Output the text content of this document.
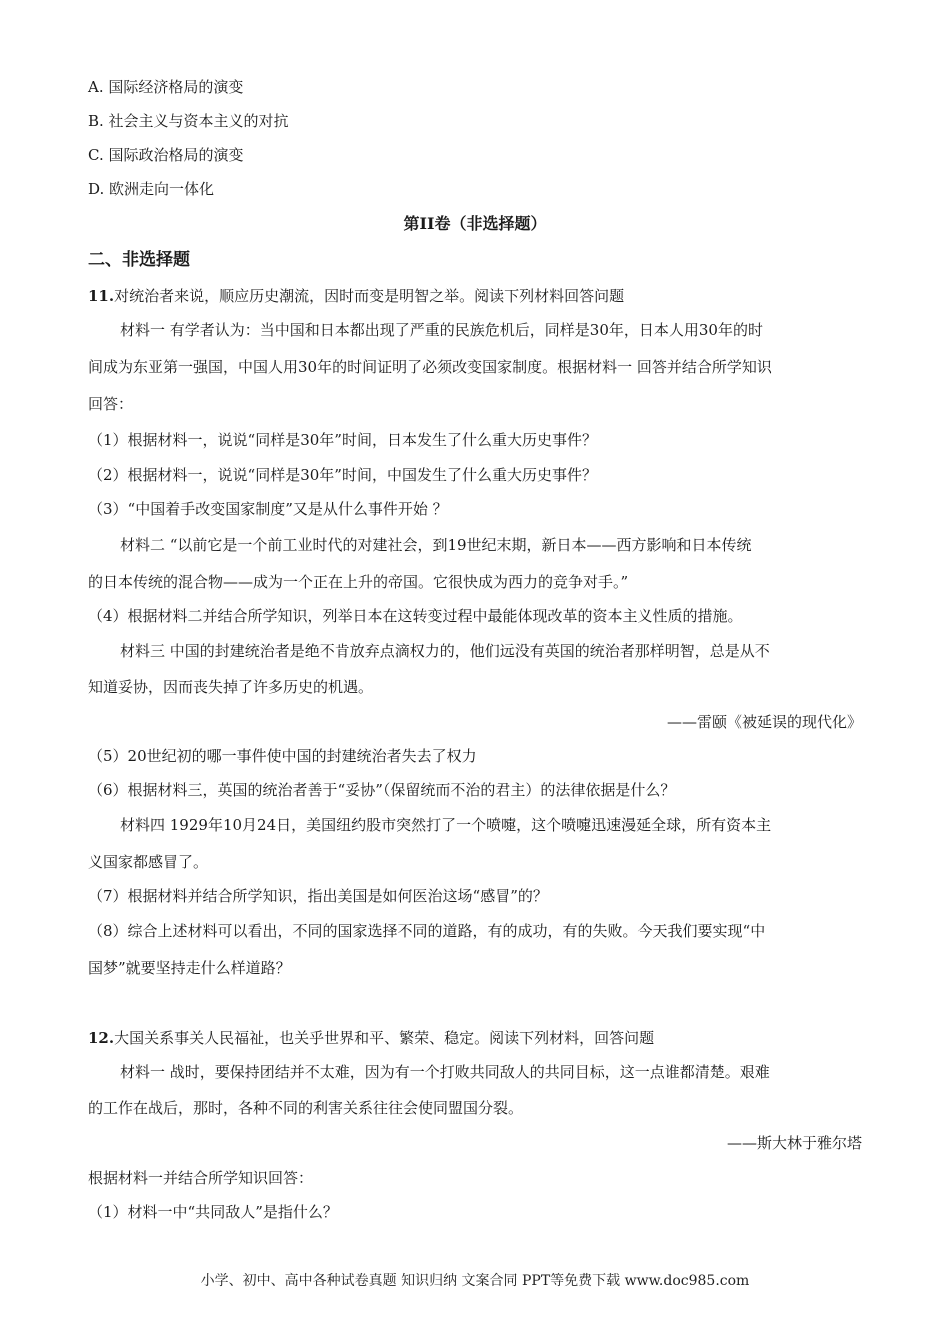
A. 国际经济格局的演变
B. 社会主义与资本主义的对抗
C. 国际政治格局的演变
D. 欧洲走向一体化
第II卷（非选择题）
二、非选择题
11.对统治者来说，顺应历史潮流，因时而变是明智之举。阅读下列材料回答问题
材料一 有学者认为：当中国和日本都出现了严重的民族危机后，同样是30年，日本人用30年的时
间成为东亚第一强国，中国人用30年的时间证明了必须改变国家制度。根据材料一 回答并结合所学知识
回答：
（1）根据材料一，说说“同样是30年”时间，日本发生了什么重大历史事件？
（2）根据材料一，说说“同样是30年”时间，中国发生了什么重大历史事件？
（3）“中国着手改变国家制度”又是从什么事件开始 ？
材料二 “以前它是一个前工业时代的对建社会，到19世纪末期，新日本——西方影响和日本传统
的日本传统的混合物——成为一个正在上升的帝国。它很快成为西力的竞争对手。”
（4）根据材料二并结合所学知识，列举日本在这转变过程中最能体现改革的资本主义性质的措施。
材料三 中国的封建统治者是绝不肯放弃点滴权力的，他们远没有英国的统治者那样明智，总是从不
知道妥协，因而丧失掉了许多历史的机遇。
——雷颐《被延误的现代化》
（5）20世纪初的哪一事件使中国的封建统治者失去了权力
（6）根据材料三，英国的统治者善于“妥协”（保留统而不治的君主）的法律依据是什么？
材料四 1929年10月24日，美国纽约股市突然打了一个喷嚏，这个喷嚏迅速漫延全球，所有资本主
义国家都感冒了。
（7）根据材料并结合所学知识，指出美国是如何医治这场“感冒”的？
（8）综合上述材料可以看出，不同的国家选择不同的道路，有的成功，有的失败。今天我们要实现“中
国梦”就要坚持走什么样道路？
12.大国关系事关人民福祉，也关乎世界和平、繁荣、稳定。阅读下列材料，回答问题
材料一 战时，要保持团结并不太难，因为有一个打败共同敌人的共同目标，这一点谁都清楚。艰难
的工作在战后，那时，各种不同的利害关系往往会使同盟国分裂。
——斯大林于雅尔塔
根据材料一并结合所学知识回答：
（1）材料一中“共同敌人”是指什么？
小学、初中、高中各种试卷真题 知识归纳 文案合同 PPT等免费下载 www.doc985.com
